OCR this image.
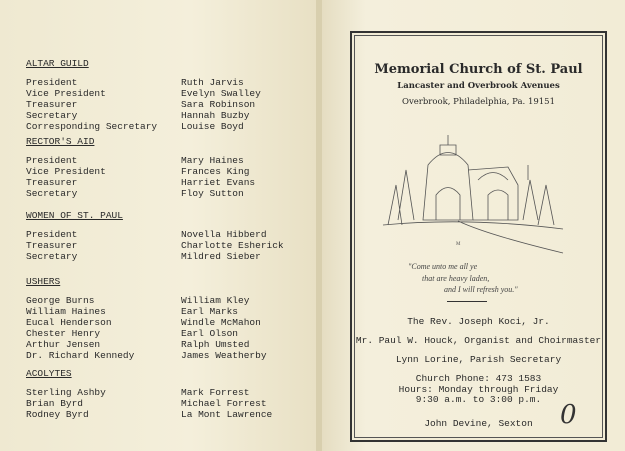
ALTAR GUILD
President	Ruth Jarvis
Vice President	Evelyn Swalley
Treasurer	Sara Robinson
Secretary	Hannah Buzby
Corresponding Secretary	Louise Boyd
RECTOR'S AID
President	Mary Haines
Vice President	Frances King
Treasurer	Harriet Evans
Secretary	Floy Sutton
WOMEN OF ST. PAUL
President	Novella Hibberd
Treasurer	Charlotte Esherick
Secretary	Mildred Sieber
USHERS
George Burns	William Kley
William Haines	Earl Marks
Eucal Henderson	Windle McMahon
Chester Henry	Earl Olson
Arthur Jensen	Ralph Umsted
Dr. Richard Kennedy	James Weatherby
ACOLYTES
Sterling Ashby	Mark Forrest
Brian Byrd	Michael Forrest
Rodney Byrd	La Mont Lawrence
Memorial Church of St. Paul
Lancaster and Overbrook Avenues
Overbrook, Philadelphia, Pa. 19151
M
"Come unto me all ye
that are heavy laden,
and I will refresh you."
The Rev. Joseph Koci, Jr.
Mr. Paul W. Houck, Organist and Choirmaster
Lynn Lorine, Parish Secretary
Church Phone: 473 1583
Hours: Monday through Friday
9:30 a.m. to 3:00 p.m.
John Devine, Sexton	0
